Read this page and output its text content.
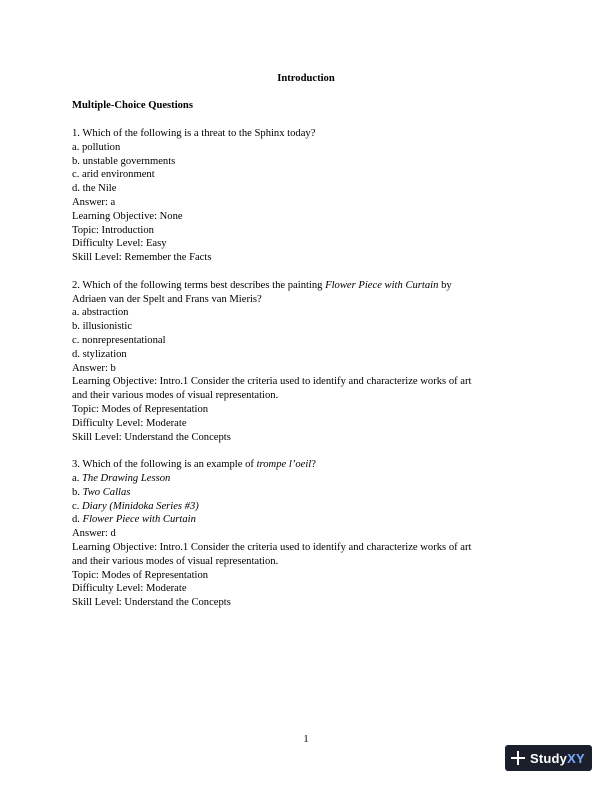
Introduction
Multiple-Choice Questions
1. Which of the following is a threat to the Sphinx today?
a. pollution
b. unstable governments
c. arid environment
d. the Nile
Answer: a
Learning Objective: None
Topic: Introduction
Difficulty Level: Easy
Skill Level: Remember the Facts
2. Which of the following terms best describes the painting Flower Piece with Curtain by
Adriaen van der Spelt and Frans van Mieris?
a. abstraction
b. illusionistic
c. nonrepresentational
d. stylization
Answer: b
Learning Objective: Intro.1 Consider the criteria used to identify and characterize works of art
and their various modes of visual representation.
Topic: Modes of Representation
Difficulty Level: Moderate
Skill Level: Understand the Concepts
3. Which of the following is an example of trompe l’oeil?
a. The Drawing Lesson
b. Two Callas
c. Diary (Minidoka Series #3)
d. Flower Piece with Curtain
Answer: d
Learning Objective: Intro.1 Consider the criteria used to identify and characterize works of art
and their various modes of visual representation.
Topic: Modes of Representation
Difficulty Level: Moderate
Skill Level: Understand the Concepts
1
StudyXY
